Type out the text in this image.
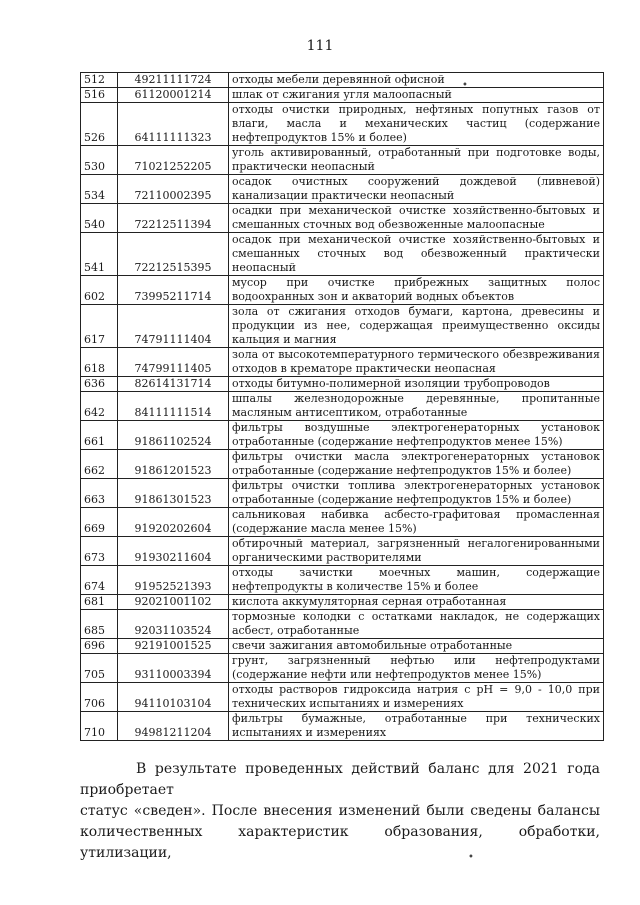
111
512	49211111724	отходы мебели деревянной офисной
516	61120001214	шлак от сжигания угля малоопасный
526	64111111323	отходы очистки природных, нефтяных попутных газов от влаги, масла и механических частиц (содержание нефтепродуктов 15% и более)
530	71021252205	уголь активированный, отработанный при подготовке воды, практически неопасный
534	72110002395	осадок очистных сооружений дождевой (ливневой) канализации практически неопасный
540	72212511394	осадки при механической очистке хозяйственно-бытовых и смешанных сточных вод обезвоженные малоопасные
541	72212515395	осадок при механической очистке хозяйственно-бытовых и смешанных сточных вод обезвоженный практически неопасный
602	73995211714	мусор при очистке прибрежных защитных полос водоохранных зон и акваторий водных объектов
617	74791111404	зола от сжигания отходов бумаги, картона, древесины и продукции из нее, содержащая преимущественно оксиды кальция и магния
618	74799111405	зола от высокотемпературного термического обезвреживания отходов в крематоре практически неопасная
636	82614131714	отходы битумно-полимерной изоляции трубопроводов
642	84111111514	шпалы железнодорожные деревянные, пропитанные масляным антисептиком, отработанные
661	91861102524	фильтры воздушные электрогенераторных установок отработанные (содержание нефтепродуктов менее 15%)
662	91861201523	фильтры очистки масла электрогенераторных установок отработанные (содержание нефтепродуктов 15% и более)
663	91861301523	фильтры очистки топлива электрогенераторных установок отработанные (содержание нефтепродуктов 15% и более)
669	91920202604	сальниковая набивка асбесто-графитовая промасленная (содержание масла менее 15%)
673	91930211604	обтирочный материал, загрязненный негалогенированными органическими растворителями
674	91952521393	отходы зачистки моечных машин, содержащие нефтепродукты в количестве 15% и более
681	92021001102	кислота аккумуляторная серная отработанная
685	92031103524	тормозные колодки с остатками накладок, не содержащих асбест, отработанные
696	92191001525	свечи зажигания автомобильные отработанные
705	93110003394	грунт, загрязненный нефтью или нефтепродуктами (содержание нефти или нефтепродуктов менее 15%)
706	94110103104	отходы растворов гидроксида натрия с pH = 9,0 - 10,0 при технических испытаниях и измерениях
710	94981211204	фильтры бумажные, отработанные при технических испытаниях и измерениях

В результате проведенных действий баланс для 2021 года приобретает

статус «сведен». После внесения изменений были сведены балансы

количественных характеристик образования, обработки, утилизации,

•
•
